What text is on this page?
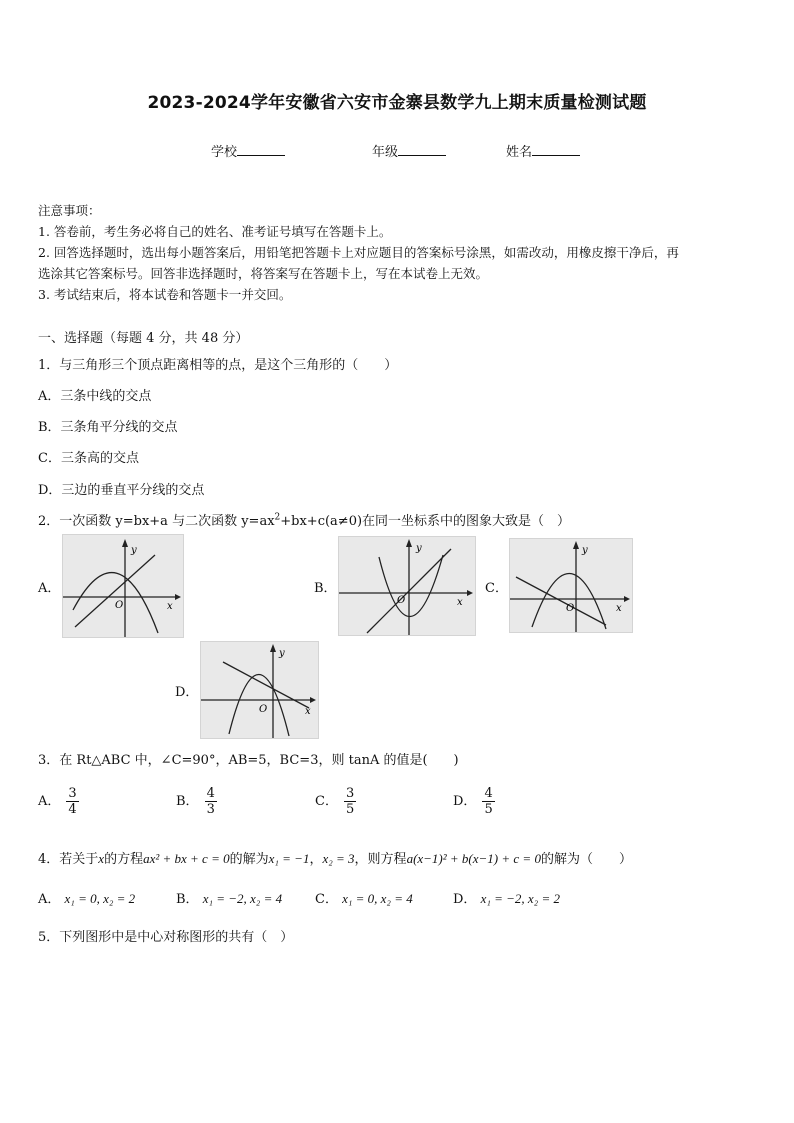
2023-2024学年安徽省六安市金寨县数学九上期末质量检测试题
学校	年级	姓名
注意事项：
1. 答卷前，考生务必将自己的姓名、准考证号填写在答题卡上。
2. 回答选择题时，选出每小题答案后，用铅笔把答题卡上对应题目的答案标号涂黑，如需改动，用橡皮擦干净后，再
选涂其它答案标号。回答非选择题时，将答案写在答题卡上，写在本试卷上无效。
3. 考试结束后，将本试卷和答题卡一并交回。
一、选择题（每题 4 分，共 48 分）
1．与三角形三个顶点距离相等的点，是这个三角形的（　　）
A．三条中线的交点
B．三条角平分线的交点
C．三条高的交点
D．三边的垂直平分线的交点
2．一次函数 y=bx+a 与二次函数 $y=ax^2+bx+c(a\ne 0)$在同一坐标系中的图象大致是（　）
A．
y
x
O
B．
y
x
O
C．
y
x
O
D．
y
x
O
3．在 Rt△ABC 中，∠C=90°，AB=5，BC=3，则 tanA 的值是(　　)
A． $\frac{3}{4}$	B． $\frac{4}{3}$	C． $\frac{3}{5}$	D． $\frac{4}{5}$
4．若关于x的方程ax² + bx + c = 0的解为x₁ = −1，x₂ = 3，则方程a(x−1)² + b(x−1) + c = 0的解为（　　）
A． x₁ = 0, x₂ = 2	B． x₁ = −2, x₂ = 4	C． x₁ = 0, x₂ = 4	D． x₁ = −2, x₂ = 2
5．下列图形中是中心对称图形的共有（　）
